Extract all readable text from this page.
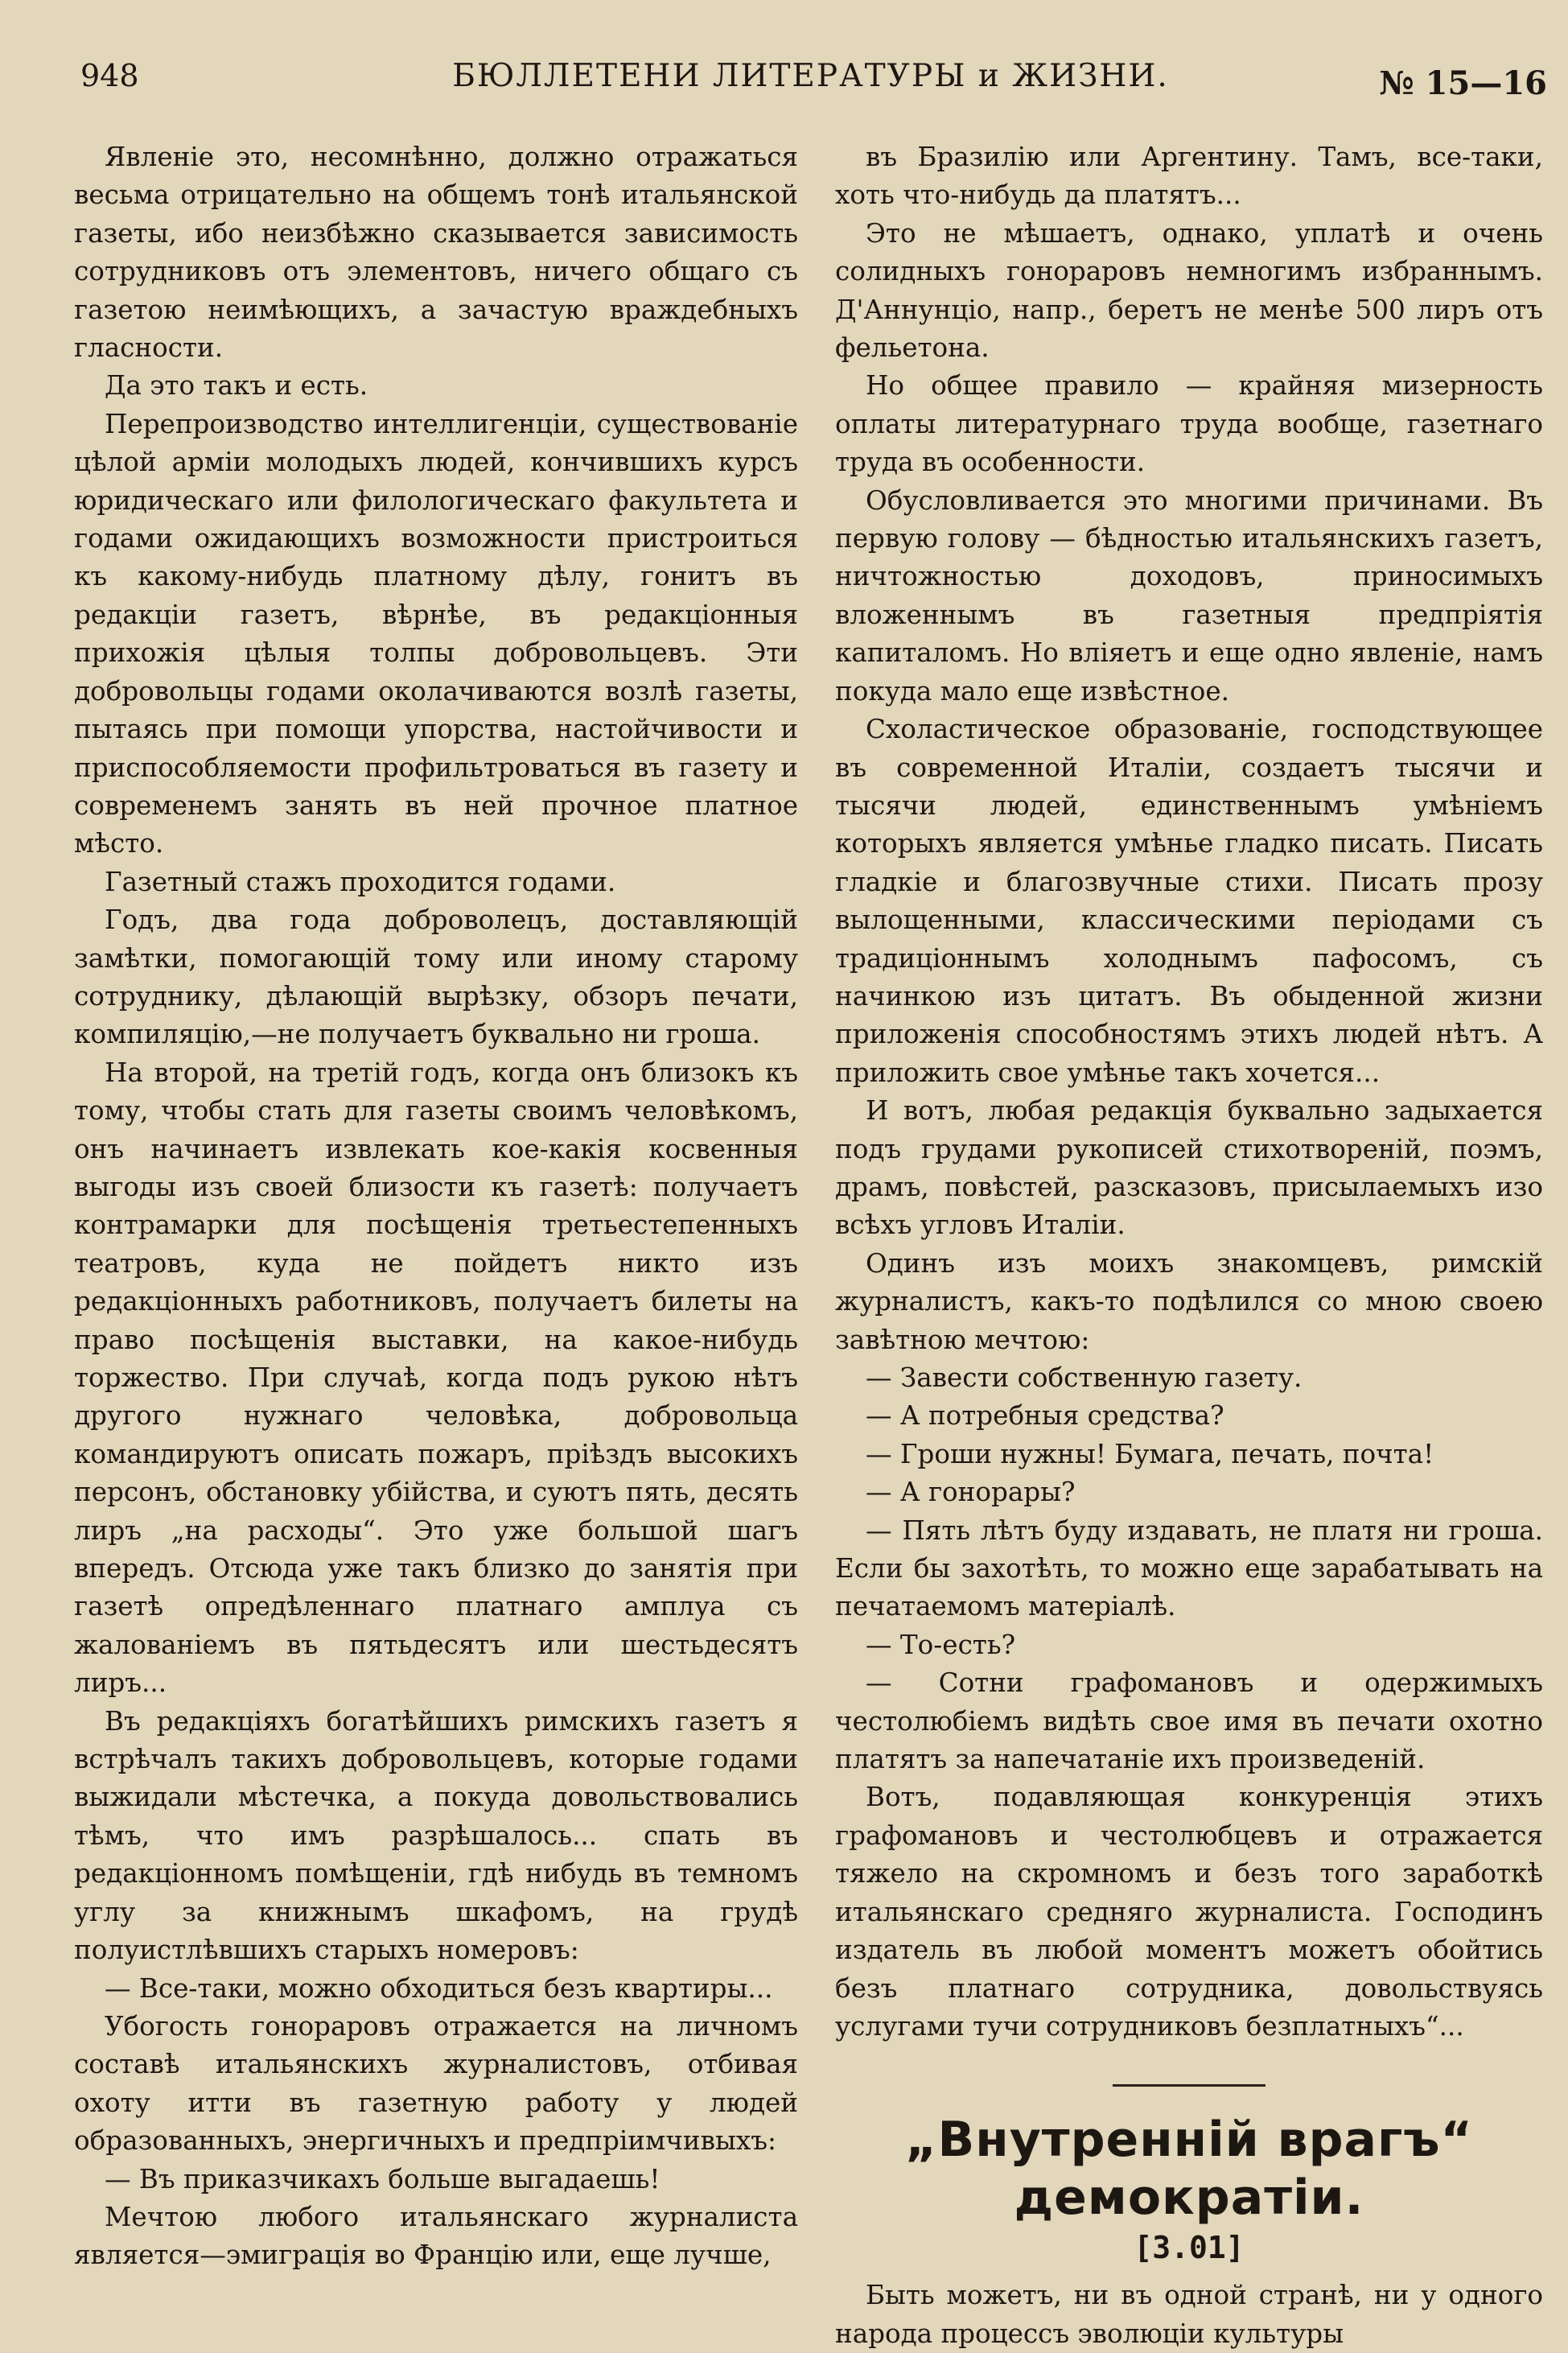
948	БЮЛЛЕТЕНИ ЛИТЕРАТУРЫ и ЖИЗНИ.	№ 15—16

Явленіе это, несомнѣнно, должно отражаться весьма отрицательно на общемъ тонѣ итальянской газеты, ибо неизбѣжно сказывается зависимость сотрудниковъ отъ элементовъ, ничего общаго съ газетою неимѣющихъ, а зачастую враждебныхъ гласности.

Да это такъ и есть.

Перепроизводство интеллигенціи, существованіе цѣлой арміи молодыхъ людей, кончившихъ курсъ юридическаго или филологическаго факультета и годами ожидающихъ возможности пристроиться къ какому-нибудь платному дѣлу, гонитъ въ редакціи газетъ, вѣрнѣе, въ редакціонныя прихожія цѣлыя толпы добровольцевъ. Эти добровольцы годами околачиваются возлѣ газеты, пытаясь при помощи упорства, настойчивости и приспособляемости профильтроваться въ газету и современемъ занять въ ней прочное платное мѣсто.

Газетный стажъ проходится годами.

Годъ, два года доброволецъ, доставляющій замѣтки, помогающій тому или иному старому сотруднику, дѣлающій вырѣзку, обзоръ печати, компиляцію,—не получаетъ буквально ни гроша.

На второй, на третій годъ, когда онъ близокъ къ тому, чтобы стать для газеты своимъ человѣкомъ, онъ начинаетъ извлекать кое-какія косвенныя выгоды изъ своей близости къ газетѣ: получаетъ контрамарки для посѣщенія третьестепенныхъ театровъ, куда не пойдетъ никто изъ редакціонныхъ работниковъ, получаетъ билеты на право посѣщенія выставки, на какое-нибудь торжество. При случаѣ, когда подъ рукою нѣтъ другого нужнаго человѣка, добровольца командируютъ описать пожаръ, пріѣздъ высокихъ персонъ, обстановку убійства, и суютъ пять, десять лиръ „на расходы“. Это уже большой шагъ впередъ. Отсюда уже такъ близко до занятія при газетѣ опредѣленнаго платнаго амплуа съ жалованіемъ въ пятьдесятъ или шестьдесятъ лиръ...

Въ редакціяхъ богатѣйшихъ римскихъ газетъ я встрѣчалъ такихъ добровольцевъ, которые годами выжидали мѣстечка, а покуда довольствовались тѣмъ, что имъ разрѣшалось... спать въ редакціонномъ помѣщеніи, гдѣ нибудь въ темномъ углу за книжнымъ шкафомъ, на грудѣ полуистлѣвшихъ старыхъ номеровъ:

— Все-таки, можно обходиться безъ квартиры...

Убогость гонораровъ отражается на личномъ составѣ итальянскихъ журналистовъ, отбивая охоту итти въ газетную работу у людей образованныхъ, энергичныхъ и предпріимчивыхъ:

— Въ приказчикахъ больше выгадаешь!

Мечтою любого итальянскаго журналиста является—эмиграція во Францію или, еще лучше,

въ Бразилію или Аргентину. Тамъ, все-таки, хоть что-нибудь да платятъ...

Это не мѣшаетъ, однако, уплатѣ и очень солидныхъ гонораровъ немногимъ избраннымъ. Д'Аннунціо, напр., беретъ не менѣе 500 лиръ отъ фельетона.

Но общее правило — крайняя мизерность оплаты литературнаго труда вообще, газетнаго труда въ особенности.

Обусловливается это многими причинами. Въ первую голову — бѣдностью итальянскихъ газетъ, ничтожностью доходовъ, приносимыхъ вложеннымъ въ газетныя предпріятія капиталомъ. Но вліяетъ и еще одно явленіе, намъ покуда мало еще извѣстное.

Схоластическое образованіе, господствующее въ современной Италіи, создаетъ тысячи и тысячи людей, единственнымъ умѣніемъ которыхъ является умѣнье гладко писать. Писать гладкіе и благозвучные стихи. Писать прозу вылощенными, классическими періодами съ традиціоннымъ холоднымъ пафосомъ, съ начинкою изъ цитатъ. Въ обыденной жизни приложенія способностямъ этихъ людей нѣтъ. А приложить свое умѣнье такъ хочется...

И вотъ, любая редакція буквально задыхается подъ грудами рукописей стихотвореній, поэмъ, драмъ, повѣстей, разсказовъ, присылаемыхъ изо всѣхъ угловъ Италіи.

Одинъ изъ моихъ знакомцевъ, римскій журналистъ, какъ-то подѣлился со мною своею завѣтною мечтою:

— Завести собственную газету.

— А потребныя средства?

— Гроши нужны! Бумага, печать, почта!

— А гонорары?

— Пять лѣтъ буду издавать, не платя ни гроша. Если бы захотѣть, то можно еще зарабатывать на печатаемомъ матеріалѣ.

— То-есть?

— Сотни графомановъ и одержимыхъ честолюбіемъ видѣть свое имя въ печати охотно платятъ за напечатаніе ихъ произведеній.

Вотъ, подавляющая конкуренція этихъ графомановъ и честолюбцевъ и отражается тяжело на скромномъ и безъ того заработкѣ итальянскаго средняго журналиста. Господинъ издатель въ любой моментъ можетъ обойтись безъ платнаго сотрудника, довольствуясь услугами тучи сотрудниковъ безплатныхъ“...

„Внутренній врагъ“ демократіи.
[3.01]

Быть можетъ, ни въ одной странѣ, ни у одного народа процессъ эволюціи культуры
